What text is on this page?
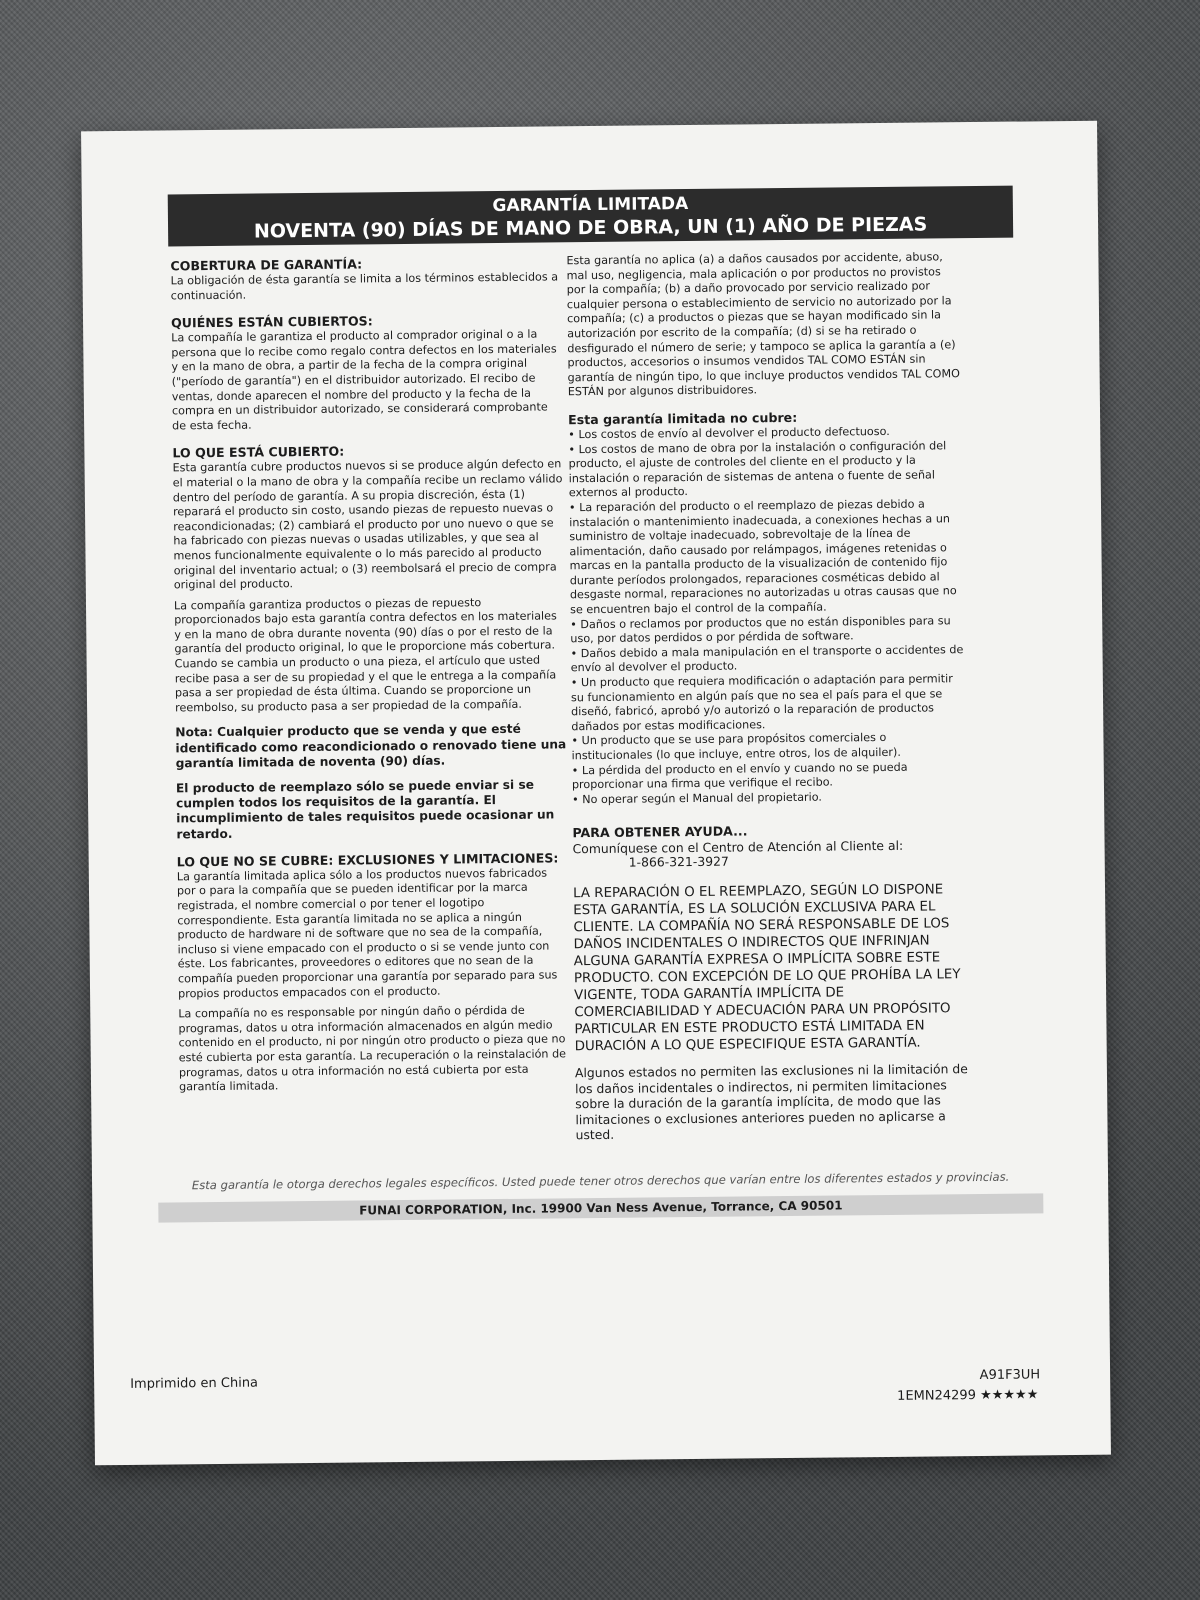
GARANTÍA LIMITADA
NOVENTA (90) DÍAS DE MANO DE OBRA, UN (1) AÑO DE PIEZAS
COBERTURA DE GARANTÍA:

La obligación de ésta garantía se limita a los términos establecidos a continuación.

QUIÉNES ESTÁN CUBIERTOS:

La compañía le garantiza el producto al comprador original o a la persona que lo recibe como regalo contra defectos en los materiales y en la mano de obra, a partir de la fecha de la compra original ("período de garantía") en el distribuidor autorizado. El recibo de ventas, donde aparecen el nombre del producto y la fecha de la compra en un distribuidor autorizado, se considerará comprobante de esta fecha.

LO QUE ESTÁ CUBIERTO:

Esta garantía cubre productos nuevos si se produce algún defecto en el material o la mano de obra y la compañía recibe un reclamo válido dentro del período de garantía. A su propia discreción, ésta (1) reparará el producto sin costo, usando piezas de repuesto nuevas o reacondicionadas; (2) cambiará el producto por uno nuevo o que se ha fabricado con piezas nuevas o usadas utilizables, y que sea al menos funcionalmente equivalente o lo más parecido al producto original del inventario actual; o (3) reembolsará el precio de compra original del producto.

La compañía garantiza productos o piezas de repuesto proporcionados bajo esta garantía contra defectos en los materiales y en la mano de obra durante noventa (90) días o por el resto de la garantía del producto original, lo que le proporcione más cobertura. Cuando se cambia un producto o una pieza, el artículo que usted recibe pasa a ser de su propiedad y el que le entrega a la compañía pasa a ser propiedad de ésta última. Cuando se proporcione un reembolso, su producto pasa a ser propiedad de la compañía.

Nota: Cualquier producto que se venda y que esté identificado como reacondicionado o renovado tiene una garantía limitada de noventa (90) días.

El producto de reemplazo sólo se puede enviar si se cumplen todos los requisitos de la garantía. El incumplimiento de tales requisitos puede ocasionar un retardo.

LO QUE NO SE CUBRE: EXCLUSIONES Y LIMITACIONES:

La garantía limitada aplica sólo a los productos nuevos fabricados por o para la compañía que se pueden identificar por la marca registrada, el nombre comercial o por tener el logotipo correspondiente. Esta garantía limitada no se aplica a ningún producto de hardware ni de software que no sea de la compañía, incluso si viene empacado con el producto o si se vende junto con éste. Los fabricantes, proveedores o editores que no sean de la compañía pueden proporcionar una garantía por separado para sus propios productos empacados con el producto.

La compañía no es responsable por ningún daño o pérdida de programas, datos u otra información almacenados en algún medio contenido en el producto, ni por ningún otro producto o pieza que no esté cubierta por esta garantía. La recuperación o la reinstalación de programas, datos u otra información no está cubierta por esta garantía limitada.

Esta garantía no aplica (a) a daños causados por accidente, abuso, mal uso, negligencia, mala aplicación o por productos no provistos por la compañía; (b) a daño provocado por servicio realizado por cualquier persona o establecimiento de servicio no autorizado por la compañía; (c) a productos o piezas que se hayan modificado sin la autorización por escrito de la compañía; (d) si se ha retirado o desfigurado el número de serie; y tampoco se aplica la garantía a (e) productos, accesorios o insumos vendidos TAL COMO ESTÁN sin garantía de ningún tipo, lo que incluye productos vendidos TAL COMO ESTÁN por algunos distribuidores.

Esta garantía limitada no cubre:

• Los costos de envío al devolver el producto defectuoso.

• Los costos de mano de obra por la instalación o configuración del producto, el ajuste de controles del cliente en el producto y la instalación o reparación de sistemas de antena o fuente de señal externos al producto.

• La reparación del producto o el reemplazo de piezas debido a instalación o mantenimiento inadecuada, a conexiones hechas a un suministro de voltaje inadecuado, sobrevoltaje de la línea de alimentación, daño causado por relámpagos, imágenes retenidas o marcas en la pantalla producto de la visualización de contenido fijo durante períodos prolongados, reparaciones cosméticas debido al desgaste normal, reparaciones no autorizadas u otras causas que no se encuentren bajo el control de la compañía.

• Daños o reclamos por productos que no están disponibles para su uso, por datos perdidos o por pérdida de software.

• Daños debido a mala manipulación en el transporte o accidentes de envío al devolver el producto.

• Un producto que requiera modificación o adaptación para permitir su funcionamiento en algún país que no sea el país para el que se diseñó, fabricó, aprobó y/o autorizó o la reparación de productos dañados por estas modificaciones.

• Un producto que se use para propósitos comerciales o institucionales (lo que incluye, entre otros, los de alquiler).

• La pérdida del producto en el envío y cuando no se pueda proporcionar una firma que verifique el recibo.

• No operar según el Manual del propietario.

PARA OBTENER AYUDA...

Comuníquese con el Centro de Atención al Cliente al:

1-866-321-3927

LA REPARACIÓN O EL REEMPLAZO, SEGÚN LO DISPONE ESTA GARANTÍA, ES LA SOLUCIÓN EXCLUSIVA PARA EL CLIENTE. LA COMPAÑÍA NO SERÁ RESPONSABLE DE LOS DAÑOS INCIDENTALES O INDIRECTOS QUE INFRINJAN ALGUNA GARANTÍA EXPRESA O IMPLÍCITA SOBRE ESTE PRODUCTO. CON EXCEPCIÓN DE LO QUE PROHÍBA LA LEY VIGENTE, TODA GARANTÍA IMPLÍCITA DE COMERCIABILIDAD Y ADECUACIÓN PARA UN PROPÓSITO PARTICULAR EN ESTE PRODUCTO ESTÁ LIMITADA EN DURACIÓN A LO QUE ESPECIFIQUE ESTA GARANTÍA.

Algunos estados no permiten las exclusiones ni la limitación de los daños incidentales o indirectos, ni permiten limitaciones sobre la duración de la garantía implícita, de modo que las limitaciones o exclusiones anteriores pueden no aplicarse a usted.

Esta garantía le otorga derechos legales específicos. Usted puede tener otros derechos que varían entre los diferentes estados y provincias.
FUNAI CORPORATION, Inc. 19900 Van Ness Avenue, Torrance, CA 90501
Imprimido en China
A91F3UH
1EMN24299 ★★★★★
